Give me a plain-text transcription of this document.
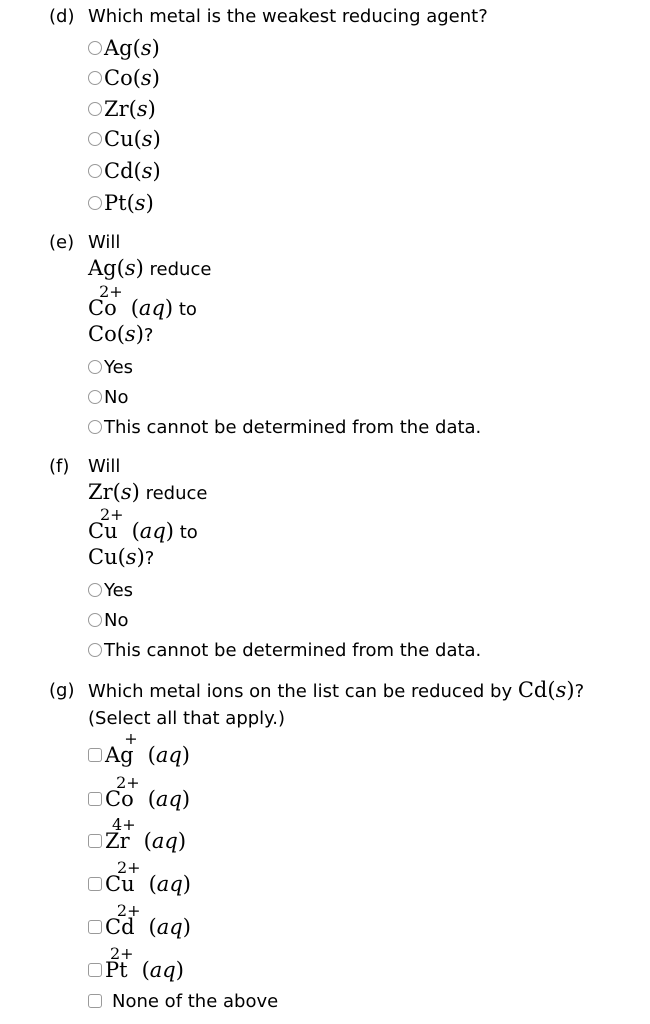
(d) Which metal is the weakest reducing agent?
Ag(s)
Co(s)
Zr(s)
Cu(s)
Cd(s)
Pt(s)
(e) Will
Ag(s) reduce
Co
2+
(aq) to
Co(s)?
Yes
No
This cannot be determined from the data.
(f) Will
Zr(s) reduce
Cu
2+
(aq) to
Cu(s)?
Yes
No
This cannot be determined from the data.
(g) Which metal ions on the list can be reduced by Cd(s)?
(Select all that apply.)
Ag
+
(aq)
Co
2+
(aq)
Zr
4+
(aq)
Cu
2+
(aq)
Cd
2+
(aq)
Pt
2+
(aq)
None of the above
